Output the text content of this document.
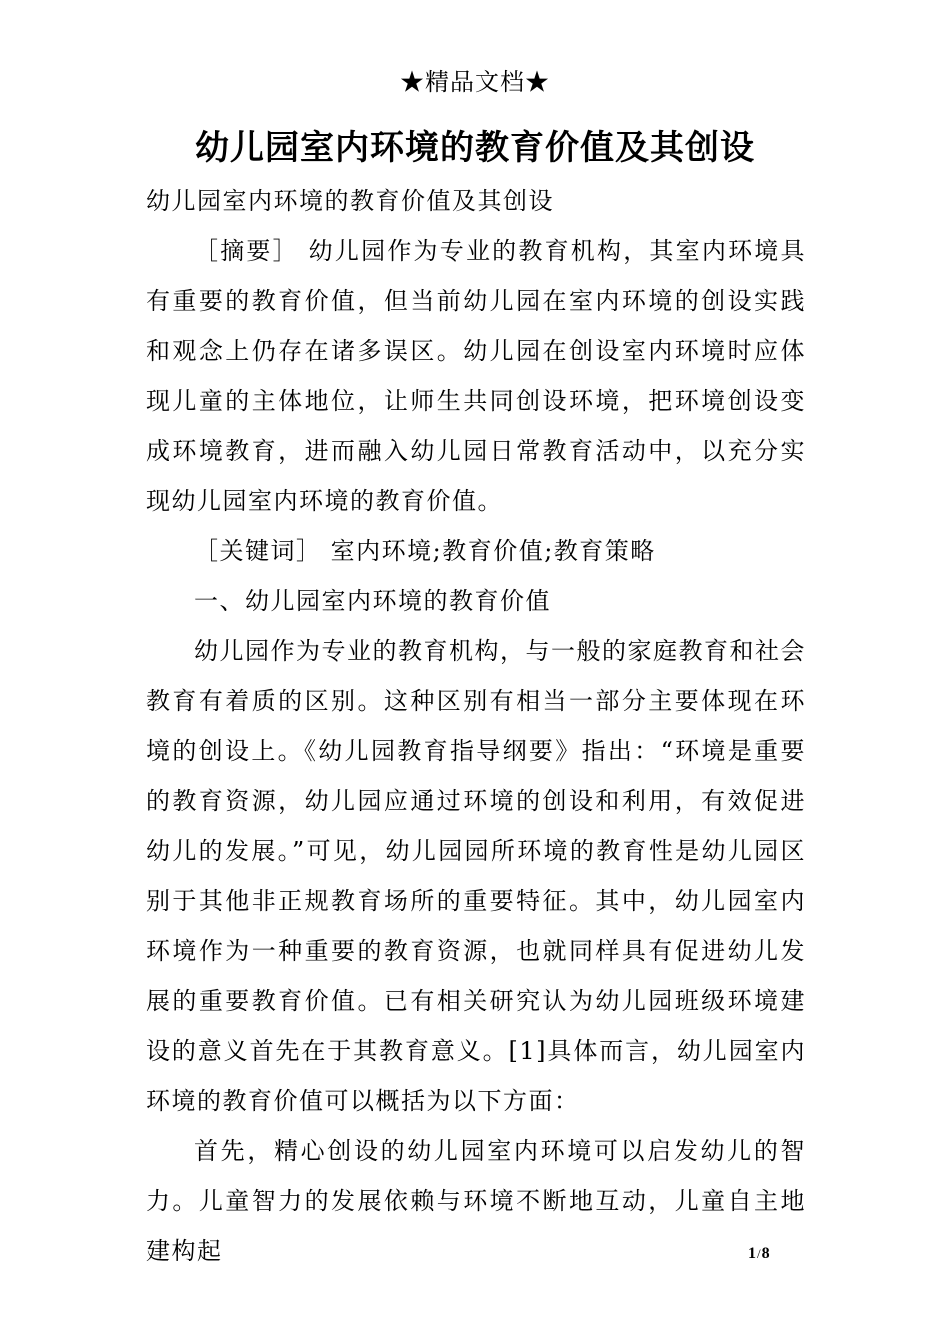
★精品文档★
幼儿园室内环境的教育价值及其创设

幼儿园室内环境的教育价值及其创设

［摘要］ 幼儿园作为专业的教育机构，其室内环境具有重要的教育价值，但当前幼儿园在室内环境的创设实践和观念上仍存在诸多误区。幼儿园在创设室内环境时应体现儿童的主体地位，让师生共同创设环境，把环境创设变成环境教育，进而融入幼儿园日常教育活动中，以充分实现幼儿园室内环境的教育价值。

［关键词］ 室内环境;教育价值;教育策略

一、幼儿园室内环境的教育价值

幼儿园作为专业的教育机构，与一般的家庭教育和社会教育有着质的区别。这种区别有相当一部分主要体现在环境的创设上。《幼儿园教育指导纲要》指出：“环境是重要的教育资源，幼儿园应通过环境的创设和利用，有效促进幼儿的发展。”可见，幼儿园园所环境的教育性是幼儿园区别于其他非正规教育场所的重要特征。其中，幼儿园室内环境作为一种重要的教育资源，也就同样具有促进幼儿发展的重要教育价值。已有相关研究认为幼儿园班级环境建设的意义首先在于其教育意义。[1]具体而言，幼儿园室内环境的教育价值可以概括为以下方面：

首先，精心创设的幼儿园室内环境可以启发幼儿的智力。儿童智力的发展依赖与环境不断地互动，儿童自主地建构起	1/8
